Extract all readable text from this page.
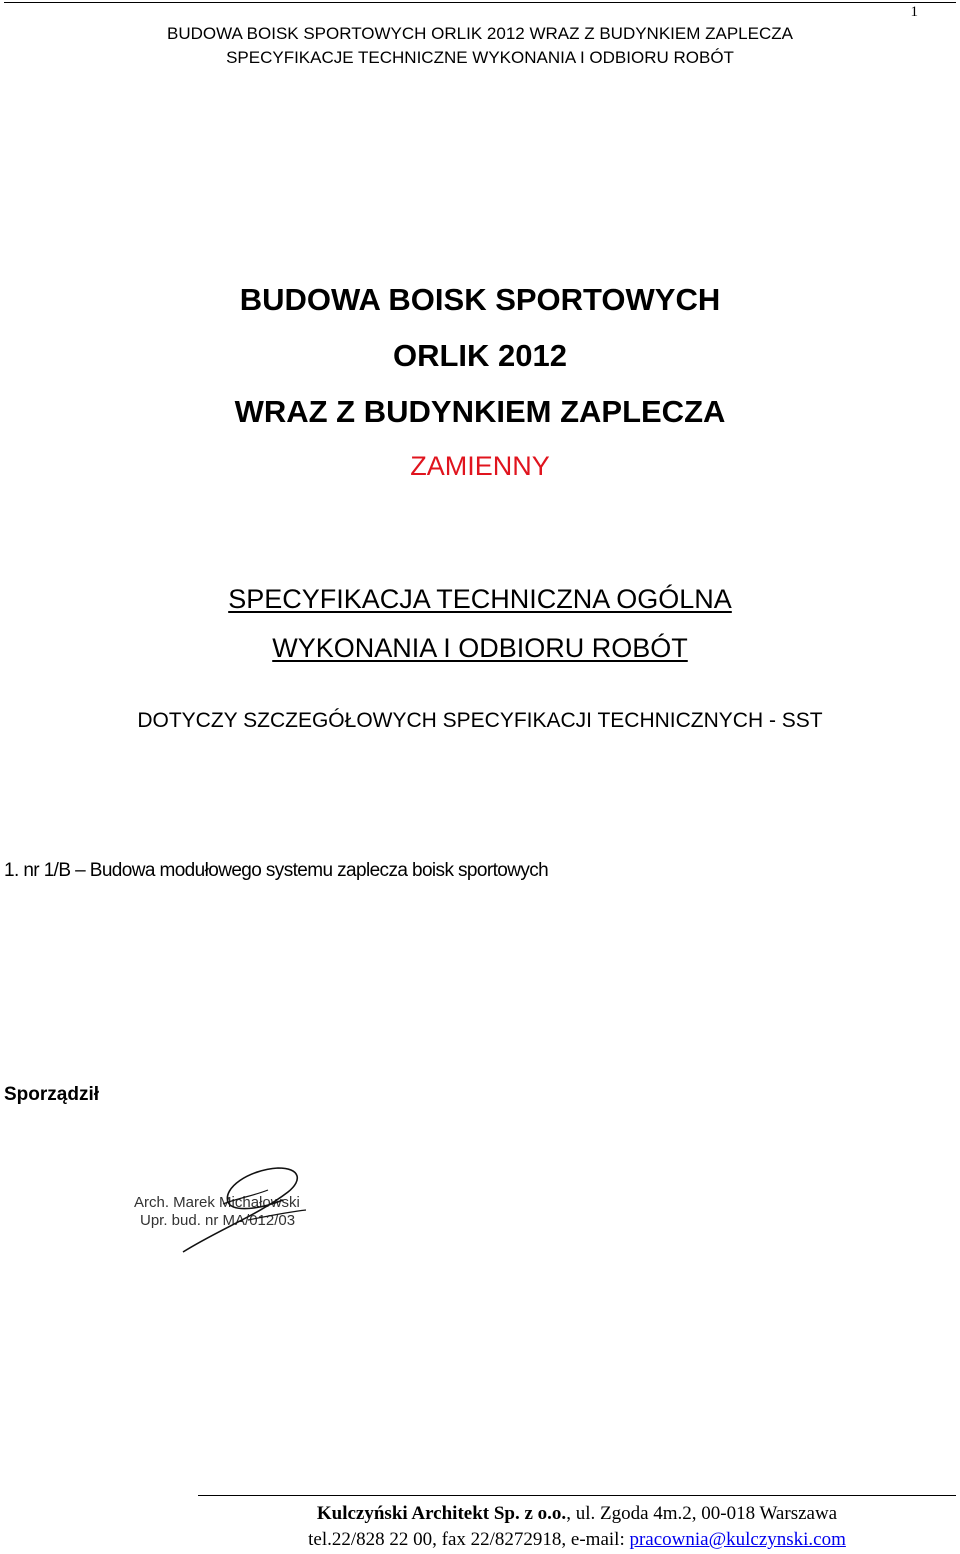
1
BUDOWA BOISK SPORTOWYCH ORLIK 2012 WRAZ Z BUDYNKIEM ZAPLECZA
SPECYFIKACJE TECHNICZNE WYKONANIA I ODBIORU ROBÓT
BUDOWA BOISK SPORTOWYCH
ORLIK 2012
WRAZ Z BUDYNKIEM ZAPLECZA
ZAMIENNY
SPECYFIKACJA TECHNICZNA OGÓLNA
WYKONANIA I ODBIORU ROBÓT
DOTYCZY SZCZEGÓŁOWYCH SPECYFIKACJI TECHNICZNYCH - SST
1. nr 1/B – Budowa modułowego systemu zaplecza boisk sportowych
Sporządził
Arch. Marek Michałowski
Upr. bud. nr MA/012/03
Kulczyński Architekt Sp. z o.o., ul. Zgoda 4m.2, 00-018 Warszawa
tel.22/828 22 00, fax 22/8272918, e-mail: pracownia@kulczynski.com
